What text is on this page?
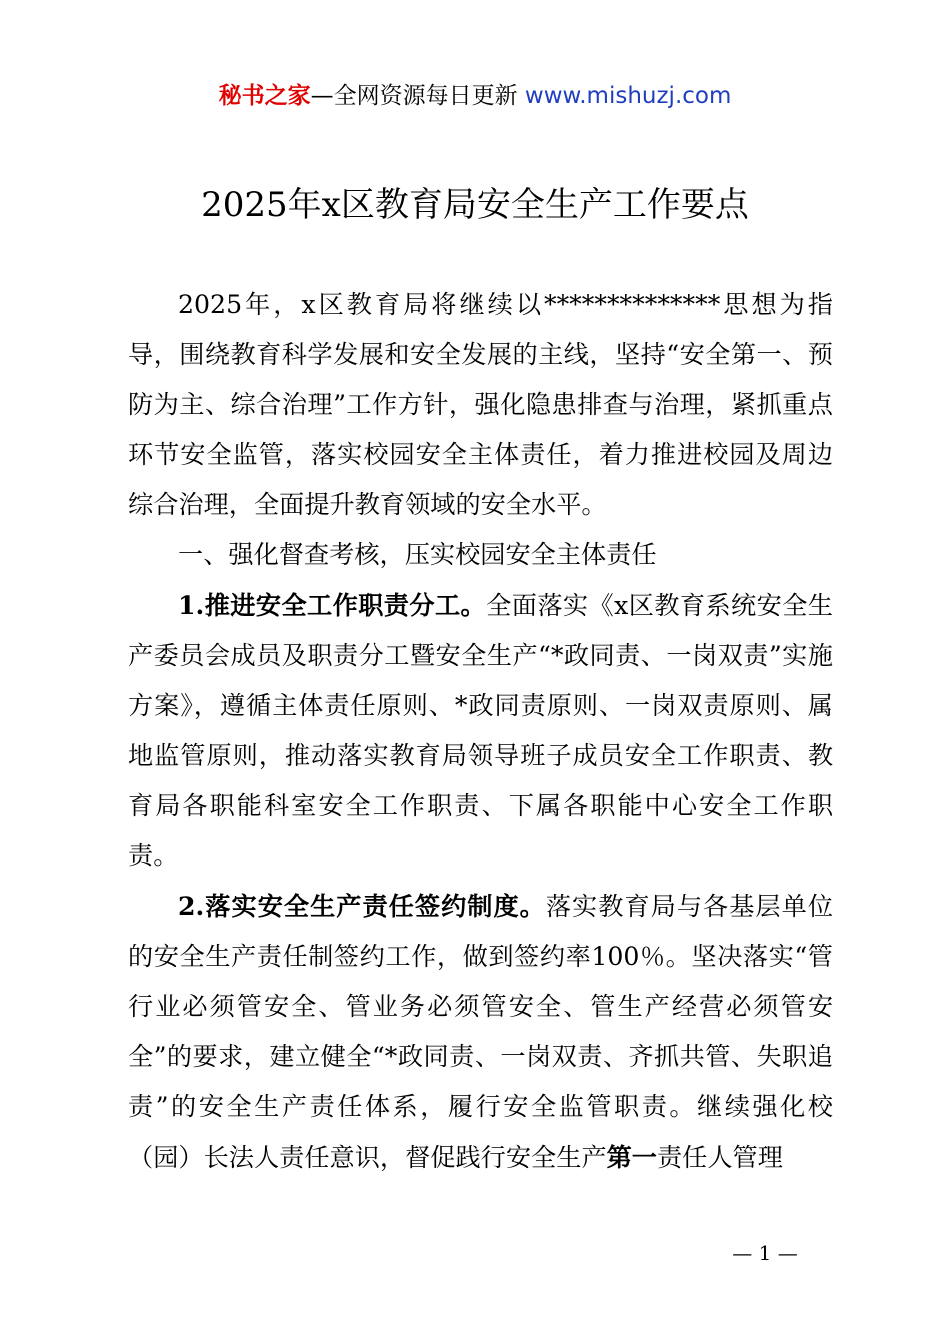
秘书之家—全网资源每日更新 www.mishuzj.com
2025年x区教育局安全生产工作要点

2025年，x区教育局将继续以**************思想为指导，围绕教育科学发展和安全发展的主线，坚持“安全第一、预防为主、综合治理”工作方针，强化隐患排查与治理，紧抓重点环节安全监管，落实校园安全主体责任，着力推进校园及周边综合治理，全面提升教育领域的安全水平。

一、强化督查考核，压实校园安全主体责任

1.推进安全工作职责分工。全面落实《x区教育系统安全生产委员会成员及职责分工暨安全生产“*政同责、一岗双责”实施方案》，遵循主体责任原则、*政同责原则、一岗双责原则、属地监管原则，推动落实教育局领导班子成员安全工作职责、教育局各职能科室安全工作职责、下属各职能中心安全工作职责。

2.落实安全生产责任签约制度。落实教育局与各基层单位的安全生产责任制签约工作，做到签约率100％。坚决落实“管行业必须管安全、管业务必须管安全、管生产经营必须管安全”的要求，建立健全“*政同责、一岗双责、齐抓共管、失职追责”的安全生产责任体系，履行安全监管职责。继续强化校（园）长法人责任意识，督促践行安全生产第一责任人管理

— 1 —
